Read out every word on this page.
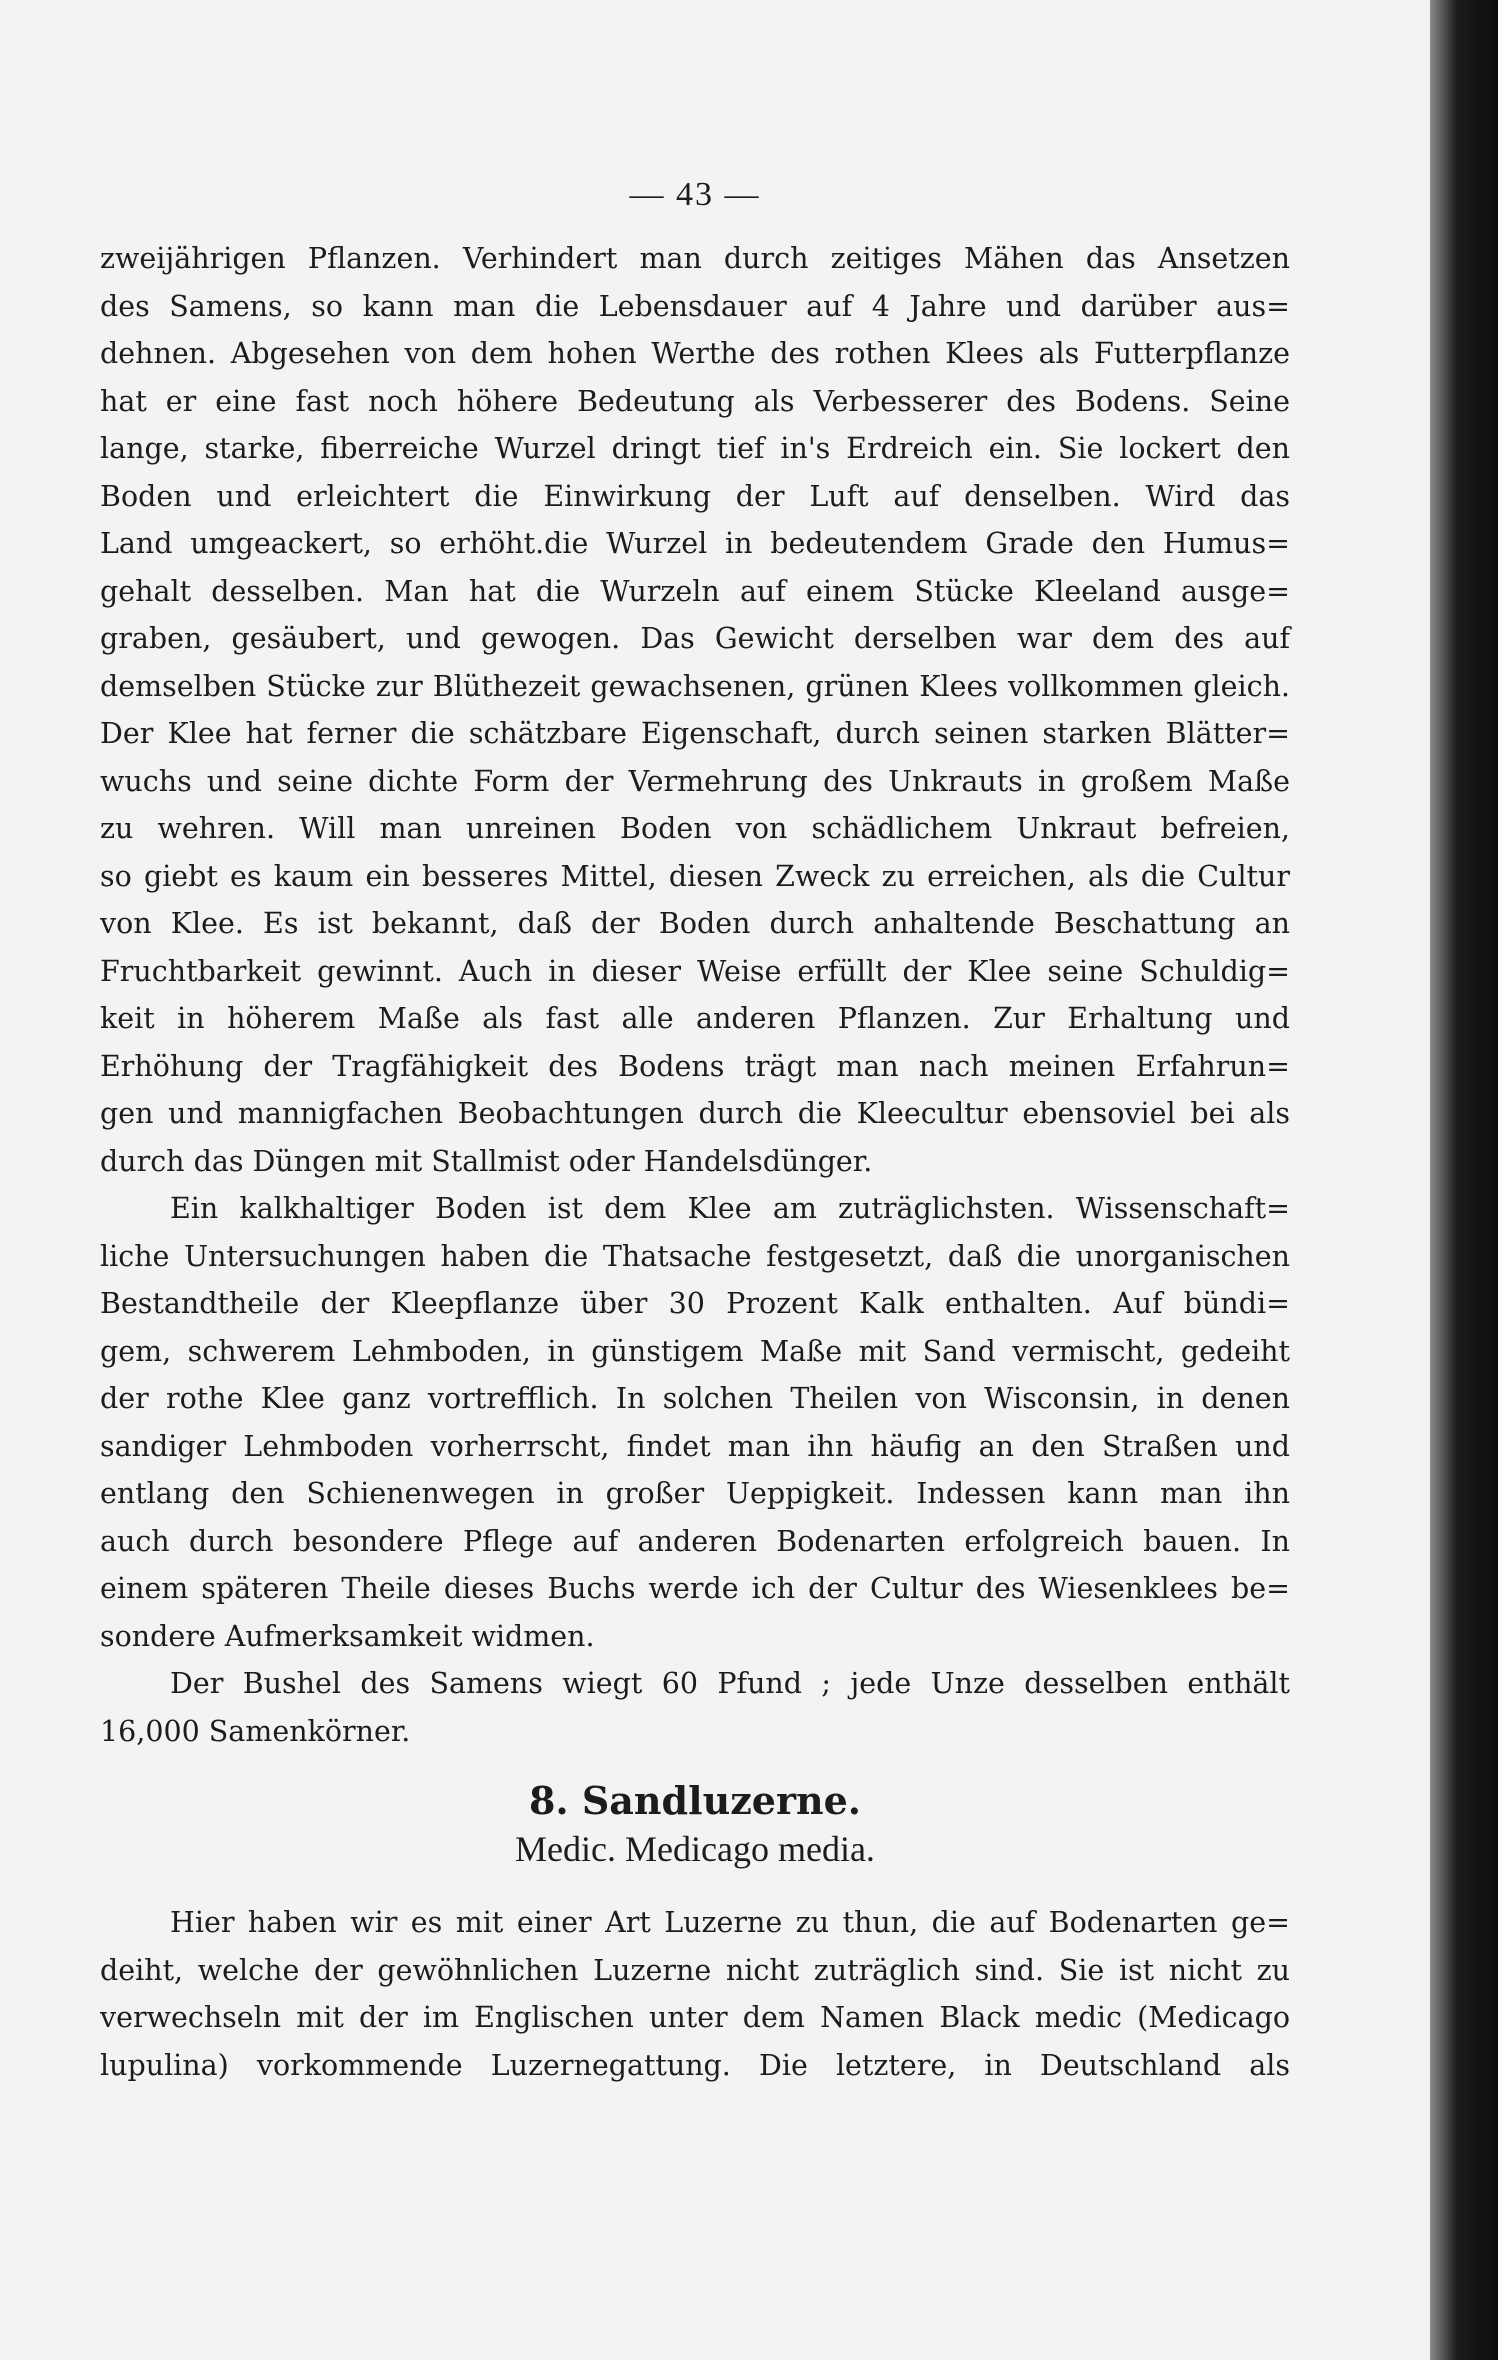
— 43 —
zweijährigen Pflanzen. Verhindert man durch zeitiges Mähen das Ansetzen
des Samens, so kann man die Lebensdauer auf 4 Jahre und darüber aus=
dehnen. Abgesehen von dem hohen Werthe des rothen Klees als Futterpflanze
hat er eine fast noch höhere Bedeutung als Verbesserer des Bodens. Seine
lange, starke, fiberreiche Wurzel dringt tief in's Erdreich ein. Sie lockert den
Boden und erleichtert die Einwirkung der Luft auf denselben. Wird das
Land umgeackert, so erhöht.die Wurzel in bedeutendem Grade den Humus=
gehalt desselben. Man hat die Wurzeln auf einem Stücke Kleeland ausge=
graben, gesäubert, und gewogen. Das Gewicht derselben war dem des auf
demselben Stücke zur Blüthezeit gewachsenen, grünen Klees vollkommen gleich.
Der Klee hat ferner die schätzbare Eigenschaft, durch seinen starken Blätter=
wuchs und seine dichte Form der Vermehrung des Unkrauts in großem Maße
zu wehren. Will man unreinen Boden von schädlichem Unkraut befreien,
so giebt es kaum ein besseres Mittel, diesen Zweck zu erreichen, als die Cultur
von Klee. Es ist bekannt, daß der Boden durch anhaltende Beschattung an
Fruchtbarkeit gewinnt. Auch in dieser Weise erfüllt der Klee seine Schuldig=
keit in höherem Maße als fast alle anderen Pflanzen. Zur Erhaltung und
Erhöhung der Tragfähigkeit des Bodens trägt man nach meinen Erfahrun=
gen und mannigfachen Beobachtungen durch die Kleecultur ebensoviel bei als
durch das Düngen mit Stallmist oder Handelsdünger.
Ein kalkhaltiger Boden ist dem Klee am zuträglichsten. Wissenschaft=
liche Untersuchungen haben die Thatsache festgesetzt, daß die unorganischen
Bestandtheile der Kleepflanze über 30 Prozent Kalk enthalten. Auf bündi=
gem, schwerem Lehmboden, in günstigem Maße mit Sand vermischt, gedeiht
der rothe Klee ganz vortrefflich. In solchen Theilen von Wisconsin, in denen
sandiger Lehmboden vorherrscht, findet man ihn häufig an den Straßen und
entlang den Schienenwegen in großer Ueppigkeit. Indessen kann man ihn
auch durch besondere Pflege auf anderen Bodenarten erfolgreich bauen. In
einem späteren Theile dieses Buchs werde ich der Cultur des Wiesenklees be=
sondere Aufmerksamkeit widmen.
Der Bushel des Samens wiegt 60 Pfund ; jede Unze desselben enthält
16,000 Samenkörner.
8. Sandluzerne.
Medic. Medicago media.
Hier haben wir es mit einer Art Luzerne zu thun, die auf Bodenarten ge=
deiht, welche der gewöhnlichen Luzerne nicht zuträglich sind. Sie ist nicht zu
verwechseln mit der im Englischen unter dem Namen Black medic (Medicago
lupulina) vorkommende Luzernegattung. Die letztere, in Deutschland als
